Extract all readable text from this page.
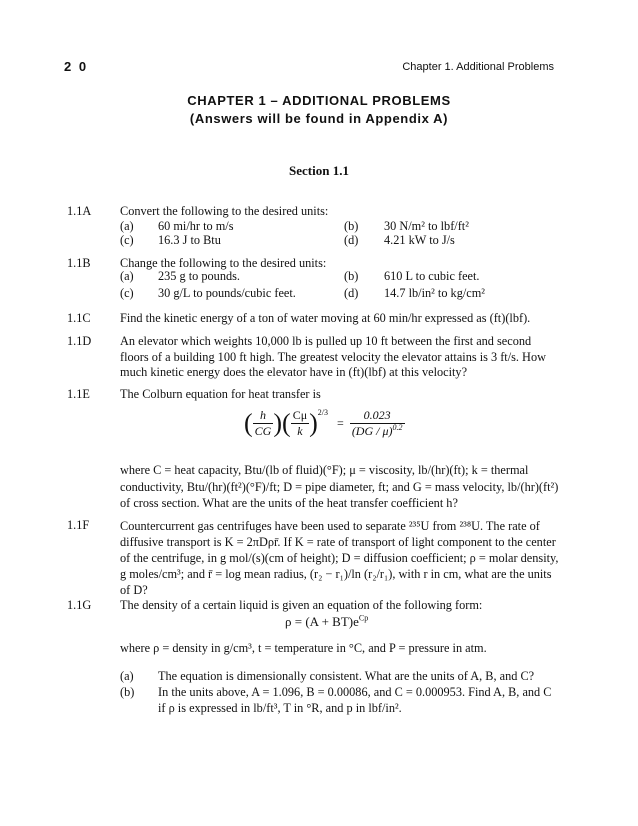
2 0	Chapter 1. Additional Problems
CHAPTER 1 – ADDITIONAL PROBLEMS
(Answers will be found in Appendix A)
Section 1.1
1.1A Convert the following to the desired units:
(a) 60 mi/hr to m/s	(b) 30 N/m² to lbf/ft²
(c) 16.3 J to Btu	(d) 4.21 kW to J/s
1.1B Change the following to the desired units:
(a) 235 g to pounds.	(b) 610 L to cubic feet.
(c) 30 g/L to pounds/cubic feet.	(d) 14.7 lb/in² to kg/cm²
1.1C Find the kinetic energy of a ton of water moving at 60 min/hr expressed as (ft)(lbf).
1.1D An elevator which weights 10,000 lb is pulled up 10 ft between the first and second floors of a building 100 ft high. The greatest velocity the elevator attains is 3 ft/s. How much kinetic energy does the elevator have in (ft)(lbf) at this velocity?
1.1E The Colburn equation for heat transfer is
( $\frac{h}{CG}$ )( $\frac{C\mu}{k} )^{2/3} = \frac{0.023}{(DG / \mu)^{0.2}}$
where C = heat capacity, Btu/(lb of fluid)(°F); μ = viscosity, lb/(hr)(ft); k = thermal conductivity, Btu/(hr)(ft²)(°F)/ft; D = pipe diameter, ft; and G = mass velocity, lb/(hr)(ft²) of cross section. What are the units of the heat transfer coefficient h?
1.1F	Countercurrent gas centrifuges have been used to separate ²³⁵U from ²³⁸U. The rate of diffusive transport is K = 2πDρr̄. If K = rate of transport of light component to the center of the centrifuge, in g mol/(s)(cm of height); D = diffusion coefficient; ρ = molar density, g moles/cm³; and r̄ = log mean radius, (r₂ − r₁)/ln (r₂/r₁), with r in cm, what are the units of D?
1.1G The density of a certain liquid is given an equation of the following form:
$\rho = (A + BT)e^{Cp}$
where ρ = density in g/cm³, t = temperature in °C, and P = pressure in atm.
(a) The equation is dimensionally consistent. What are the units of A, B, and C?
(b) In the units above, A = 1.096, B = 0.00086, and C = 0.000953. Find A, B, and C if ρ is expressed in lb/ft³, T in °R, and p in lbf/in².
